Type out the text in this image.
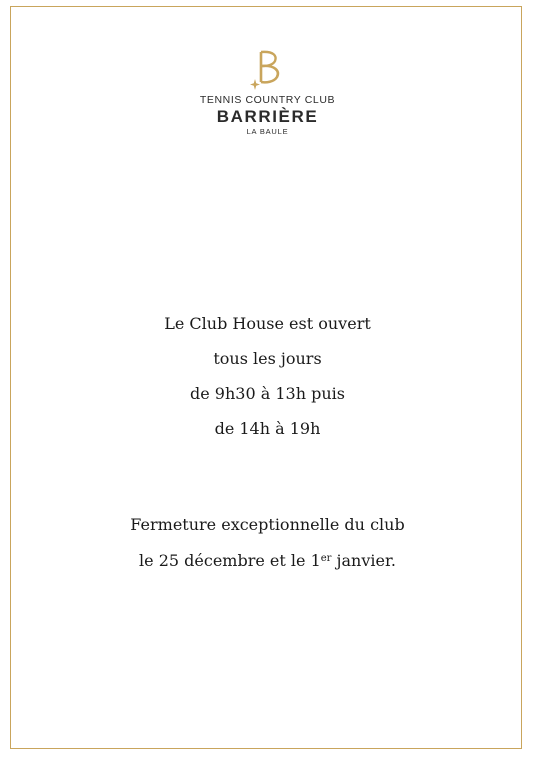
TENNIS COUNTRY CLUB
BARRIÈRE
LA BAULE
Le Club House est ouvert
tous les jours
de 9h30 à 13h puis
de 14h à 19h
Fermeture exceptionnelle du club
le 25 décembre et le 1er janvier.
